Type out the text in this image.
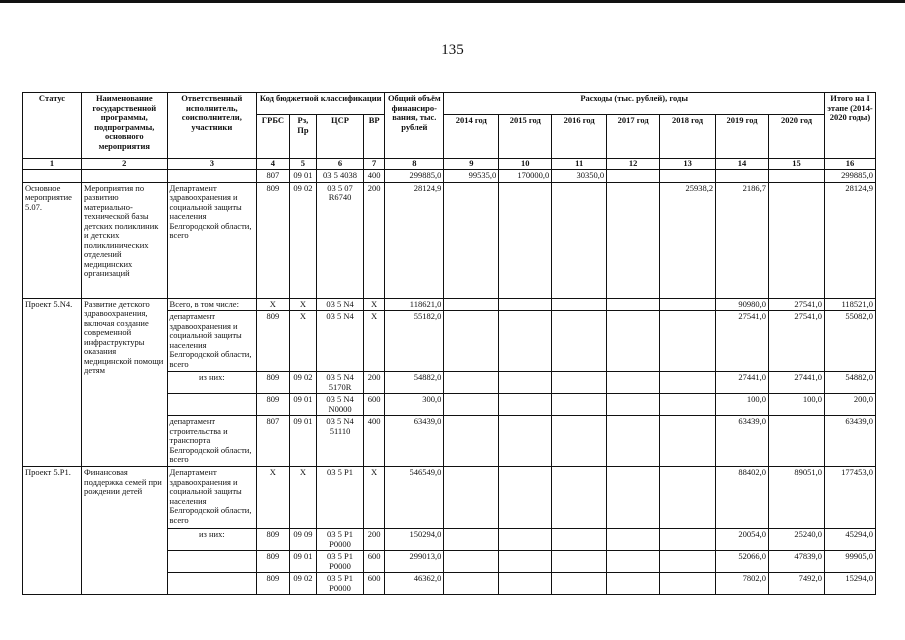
135
Статус	Наименование государственной программы, подпрограммы, основного мероприятия	Ответственный исполнитель, соисполнители, участники	Код бюджетной классификации				Общий объём финансиро-вания, тыс. рублей	Расходы (тыс. рублей), годы							Итого на I этапе (2014-2020 годы)
			ГРБС	Рз, Пр	ЦСР	ВР		2014 год	2015 год	2016 год	2017 год	2018 год	2019 год	2020 год	
1	2	3	4	5	6	7	8	9	10	11	12	13	14	15	16
			807	09 01	03 5 4038	400	299885,0	99535,0	170000,0	30350,0					299885,0
Основное мероприятие 5.07.	Мероприятия по развитию материально-технической базы детских поликлиник и детских поликлинических отделений медицинских организаций	Департамент здравоохранения и социальной защиты населения Белгородской области, всего	809	09 02	03 5 07 R6740	200	28124,9					25938,2	2186,7		28124,9
Проект 5.N4.	Развитие детского здравоохранения, включая создание современной инфраструктуры оказания медицинской помощи детям	Всего, в том числе:	Х	Х	03 5 N4	Х	118621,0						90980,0	27541,0	118521,0
		департамент здравоохранения и социальной защиты населения Белгородской области, всего	809	Х	03 5 N4	Х	55182,0						27541,0	27541,0	55082,0
		из них:	809	09 02	03 5 N4 5170R	200	54882,0						27441,0	27441,0	54882,0
			809	09 01	03 5 N4 N0000	600	300,0						100,0	100,0	200,0
		департамент строительства и транспорта Белгородской области, всего	807	09 01	03 5 N4 51110	400	63439,0						63439,0		63439,0
Проект 5.Р1.	Финансовая поддержка семей при рождении детей	Департамент здравоохранения и социальной защиты населения Белгородской области, всего	Х	Х	03 5 Р1	Х	546549,0						88402,0	89051,0	177453,0
		из них:	809	09 09	03 5 Р1 Р0000	200	150294,0						20054,0	25240,0	45294,0
			809	09 01	03 5 Р1 Р0000	600	299013,0						52066,0	47839,0	99905,0
			809	09 02	03 5 Р1 Р0000	600	46362,0						7802,0	7492,0	15294,0
